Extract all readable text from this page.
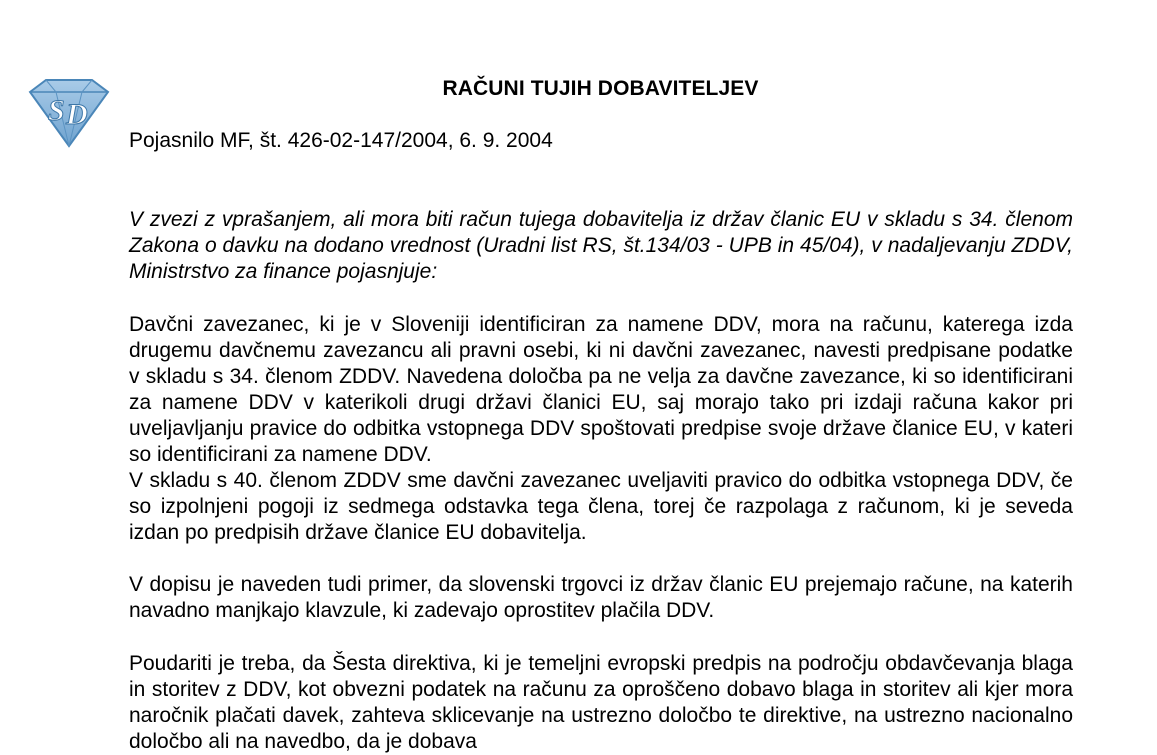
S D
RAČUNI TUJIH DOBAVITELJEV

Pojasnilo MF, št. 426-02-147/2004, 6. 9. 2004

V zvezi z vprašanjem, ali mora biti račun tujega dobavitelja iz držav članic EU v skladu s 34. členom Zakona o davku na dodano vrednost (Uradni list RS, št.134/03 - UPB in 45/04), v nadaljevanju ZDDV, Ministrstvo za finance pojasnjuje:

Davčni zavezanec, ki je v Sloveniji identificiran za namene DDV, mora na računu, katerega izda drugemu davčnemu zavezancu ali pravni osebi, ki ni davčni zavezanec, navesti predpisane podatke v skladu s 34. členom ZDDV. Navedena določba pa ne velja za davčne zavezance, ki so identificirani za namene DDV v katerikoli drugi državi članici EU, saj morajo tako pri izdaji računa kakor pri uveljavljanju pravice do odbitka vstopnega DDV spoštovati predpise svoje države članice EU, v kateri so identificirani za namene DDV.
V skladu s 40. členom ZDDV sme davčni zavezanec uveljaviti pravico do odbitka vstopnega DDV, če so izpolnjeni pogoji iz sedmega odstavka tega člena, torej če razpolaga z računom, ki je seveda izdan po predpisih države članice EU dobavitelja.

V dopisu je naveden tudi primer, da slovenski trgovci iz držav članic EU prejemajo račune, na katerih navadno manjkajo klavzule, ki zadevajo oprostitev plačila DDV.

Poudariti je treba, da Šesta direktiva, ki je temeljni evropski predpis na področju obdavčevanja blaga in storitev z DDV, kot obvezni podatek na računu za oproščeno dobavo blaga in storitev ali kjer mora naročnik plačati davek, zahteva sklicevanje na ustrezno določbo te direktive, na ustrezno nacionalno določbo ali na navedbo, da je dobava
